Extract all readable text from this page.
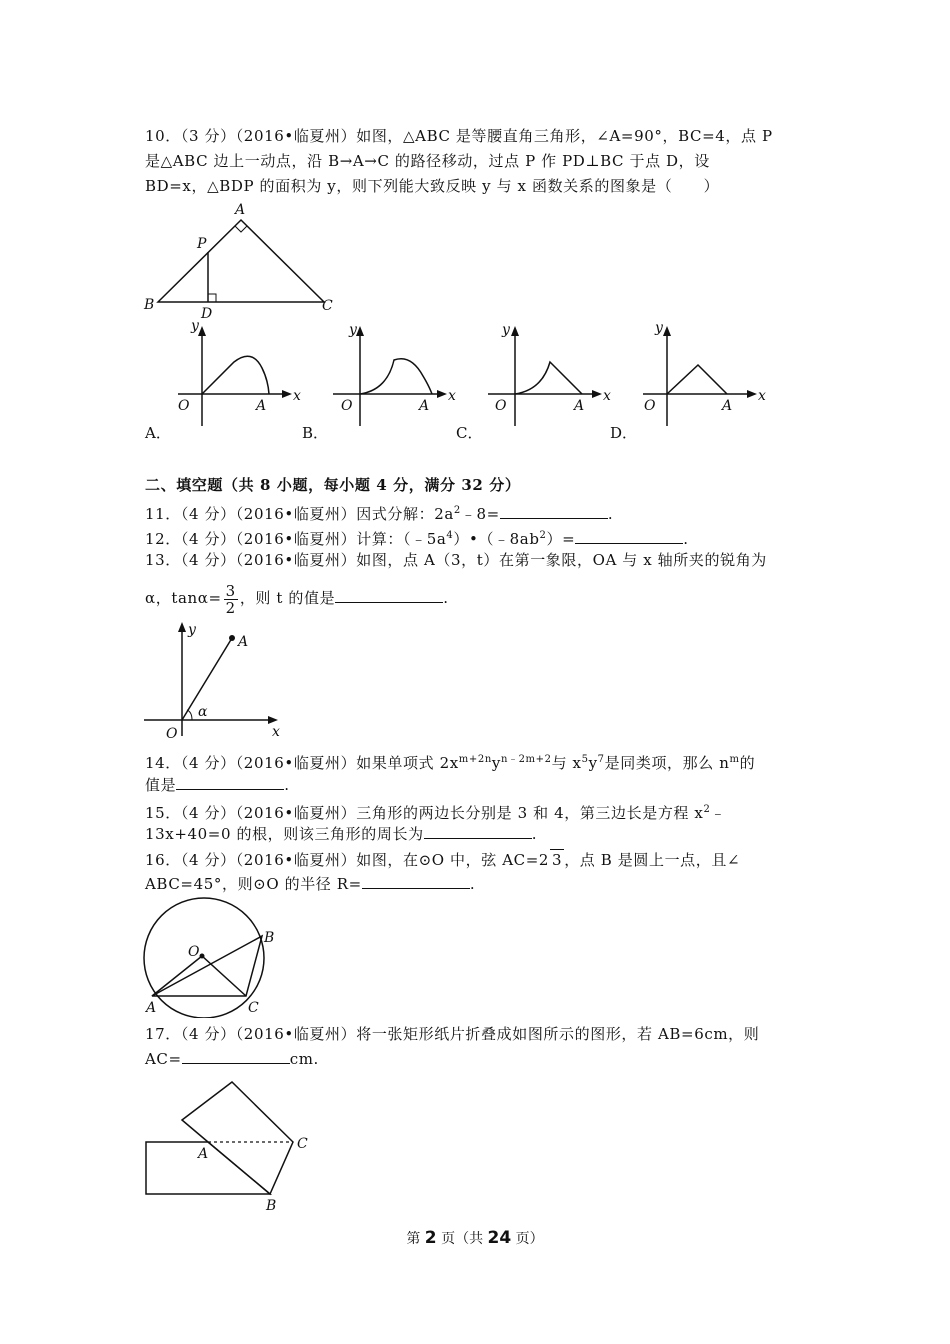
10．（3 分）（2016•临夏州）如图，△ABC 是等腰直角三角形，∠A=90°，BC=4，点 P
是△ABC 边上一动点，沿 B→A→C 的路径移动，过点 P 作 PD⊥BC 于点 D，设
BD=x，△BDP 的面积为 y，则下列能大致反映 y 与 x 函数关系的图象是（　　）
A
B	C
P
D
y
x
O	A
A．
y
x
O	A
B．
y
x
O	A
C．
y
x
O	A
D．
二、填空题（共 8 小题，每小题 4 分，满分 32 分）
11．（4 分）（2016•临夏州）因式分解：$2a^2﹣8=$	.
12．（4 分）（2016•临夏州）计算：$(﹣5a^4)•(﹣8ab^2)=$	.
13．（4 分）（2016•临夏州）如图，点 A（3，t）在第一象限，OA 与 x 轴所夹的锐角为
α，$\tan\alpha= \frac{3}{2}$ ，则 t 的值是	.
y
x
O
A
α
14．（4 分）（2016•临夏州）如果单项式 $2x^{m+2n}y^{n﹣2m+2}$与 $x^5y^7$是同类项，那么 $n^m$的
值是	.
15．（4 分）（2016•临夏州）三角形的两边长分别是 3 和 4，第三边长是方程 $x^2﹣$
13x+40=0 的根，则该三角形的周长为	.
16．（4 分）（2016•临夏州）如图，在⊙O 中，弦 AC=2 3 ，点 B 是圆上一点，且∠
ABC=45°，则⊙O 的半径 R=	.
O
A
B
C
17．（4 分）（2016•临夏州）将一张矩形纸片折叠成如图所示的图形，若 AB=6cm，则
AC=	cm.
A
B
C
第 2 页（共 24 页）
